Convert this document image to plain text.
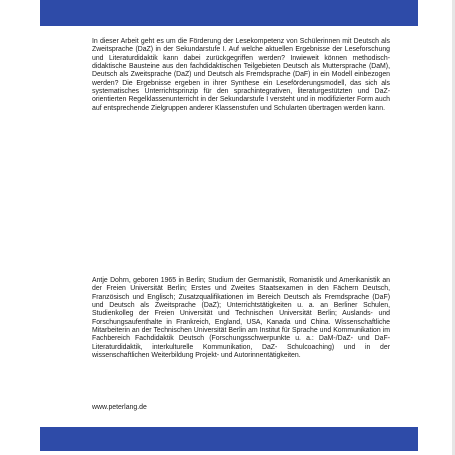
In dieser Arbeit geht es um die Förderung der Lesekompetenz von Schülerinnen mit Deutsch als Zweitsprache (DaZ) in der Sekundarstufe I. Auf welche aktuellen Ergebnisse der Leseforschung und Literaturdidaktik kann dabei zurückgegriffen werden? Inwieweit können methodisch-didaktische Bausteine aus den fachdidaktischen Teilgebieten Deutsch als Muttersprache (DaM), Deutsch als Zweitsprache (DaZ) und Deutsch als Fremdsprache (DaF) in ein Modell einbezogen werden? Die Ergebnisse ergeben in ihrer Synthese ein Leseförderungsmodell, das sich als systematisches Unterrichtsprinzip für den sprachintegrativen, literaturgestützten und DaZ-orientierten Regelklassenunterricht in der Sekundarstufe I versteht und in modifizierter Form auch auf entsprechende Zielgruppen anderer Klassenstufen und Schularten übertragen werden kann.

Antje Dohrn, geboren 1965 in Berlin; Studium der Germanistik, Romanistik und Amerikanistik an der Freien Universität Berlin; Erstes und Zweites Staatsexamen in den Fächern Deutsch, Französisch und Englisch; Zusatzqualifikationen im Bereich Deutsch als Fremdsprache (DaF) und Deutsch als Zweitsprache (DaZ); Unterrichtstätigkeiten u. a. an Berliner Schulen, Studienkolleg der Freien Universität und Technischen Universität Berlin; Auslands- und Forschungsaufenthalte in Frankreich, England, USA, Kanada und China. Wissenschaftliche Mitarbeiterin an der Technischen Universität Berlin am Institut für Sprache und Kommunikation im Fachbereich Fachdidaktik Deutsch (Forschungsschwerpunkte u. a.: DaM-/DaZ- und DaF-Literaturdidaktik, interkulturelle Kommunikation, DaZ- Schulcoaching) und in der wissenschaftlichen Weiterbildung Projekt- und Autorinnentätigkeiten.

www.peterlang.de
